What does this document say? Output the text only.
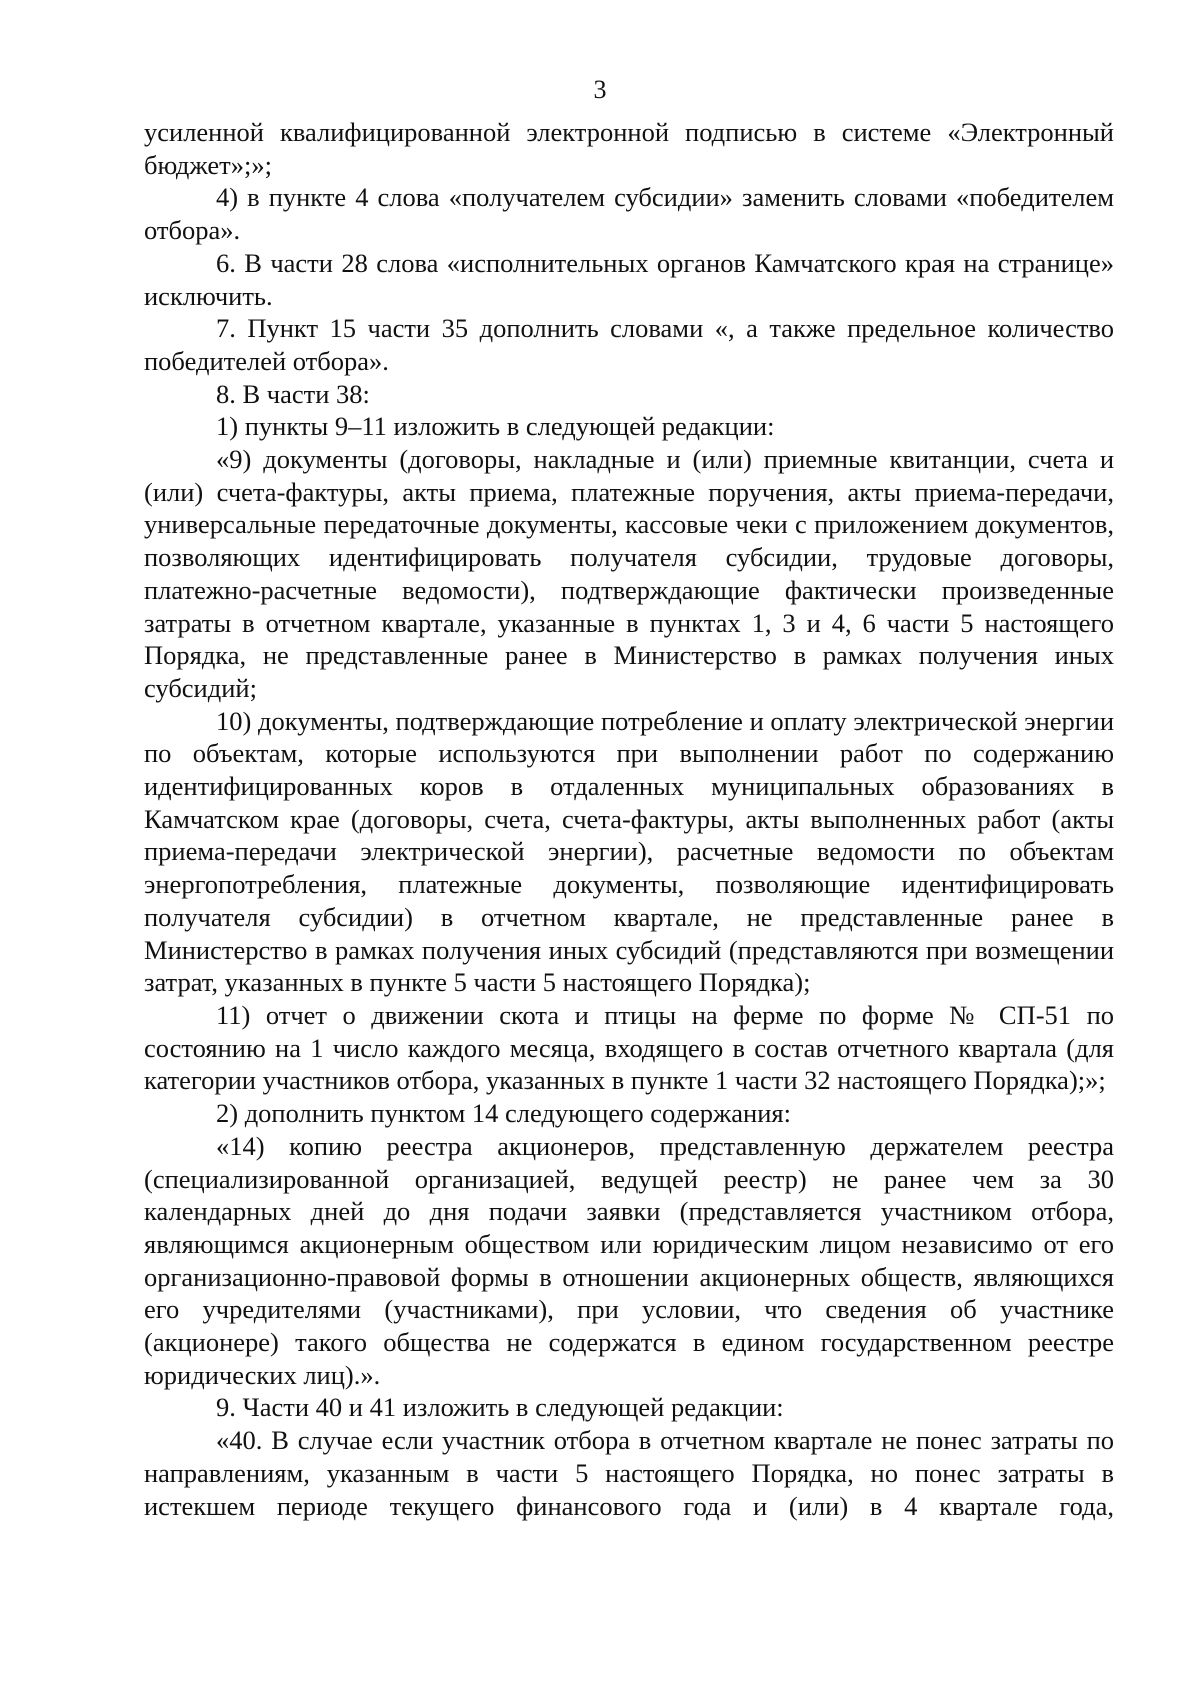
3

усиленной квалифицированной электронной подписью в системе «Электронный бюджет»;»;

4) в пункте 4 слова «получателем субсидии» заменить словами «победителем отбора».

6. В части 28 слова «исполнительных органов Камчатского края на странице» исключить.

7. Пункт 15 части 35 дополнить словами «, а также предельное количество победителей отбора».

8. В части 38:

1) пункты 9–11 изложить в следующей редакции:

«9) документы (договоры, накладные и (или) приемные квитанции, счета и (или) счета-фактуры, акты приема, платежные поручения, акты приема-передачи, универсальные передаточные документы, кассовые чеки с приложением документов, позволяющих идентифицировать получателя субсидии, трудовые договоры, платежно-расчетные ведомости), подтверждающие фактически произведенные затраты в отчетном квартале, указанные в пунктах 1, 3 и 4, 6 части 5 настоящего Порядка, не представленные ранее в Министерство в рамках получения иных субсидий;

10) документы, подтверждающие потребление и оплату электрической энергии по объектам, которые используются при выполнении работ по содержанию идентифицированных коров в отдаленных муниципальных образованиях в Камчатском крае (договоры, счета, счета-фактуры, акты выполненных работ (акты приема-передачи электрической энергии), расчетные ведомости по объектам энергопотребления, платежные документы, позволяющие идентифицировать получателя субсидии) в отчетном квартале, не представленные ранее в Министерство в рамках получения иных субсидий (представляются при возмещении затрат, указанных в пункте 5 части 5 настоящего Порядка);

11) отчет о движении скота и птицы на ферме по форме № СП-51 по состоянию на 1 число каждого месяца, входящего в состав отчетного квартала (для категории участников отбора, указанных в пункте 1 части 32 настоящего Порядка);»;

2) дополнить пунктом 14 следующего содержания:

«14) копию реестра акционеров, представленную держателем реестра (специализированной организацией, ведущей реестр) не ранее чем за 30 календарных дней до дня подачи заявки (представляется участником отбора, являющимся акционерным обществом или юридическим лицом независимо от его организационно-правовой формы в отношении акционерных обществ, являющихся его учредителями (участниками), при условии, что сведения об участнике (акционере) такого общества не содержатся в едином государственном реестре юридических лиц).».

9. Части 40 и 41 изложить в следующей редакции:

«40. В случае если участник отбора в отчетном квартале не понес затраты по направлениям, указанным в части 5 настоящего Порядка, но понес затраты в истекшем периоде текущего финансового года и (или) в 4 квартале года,
